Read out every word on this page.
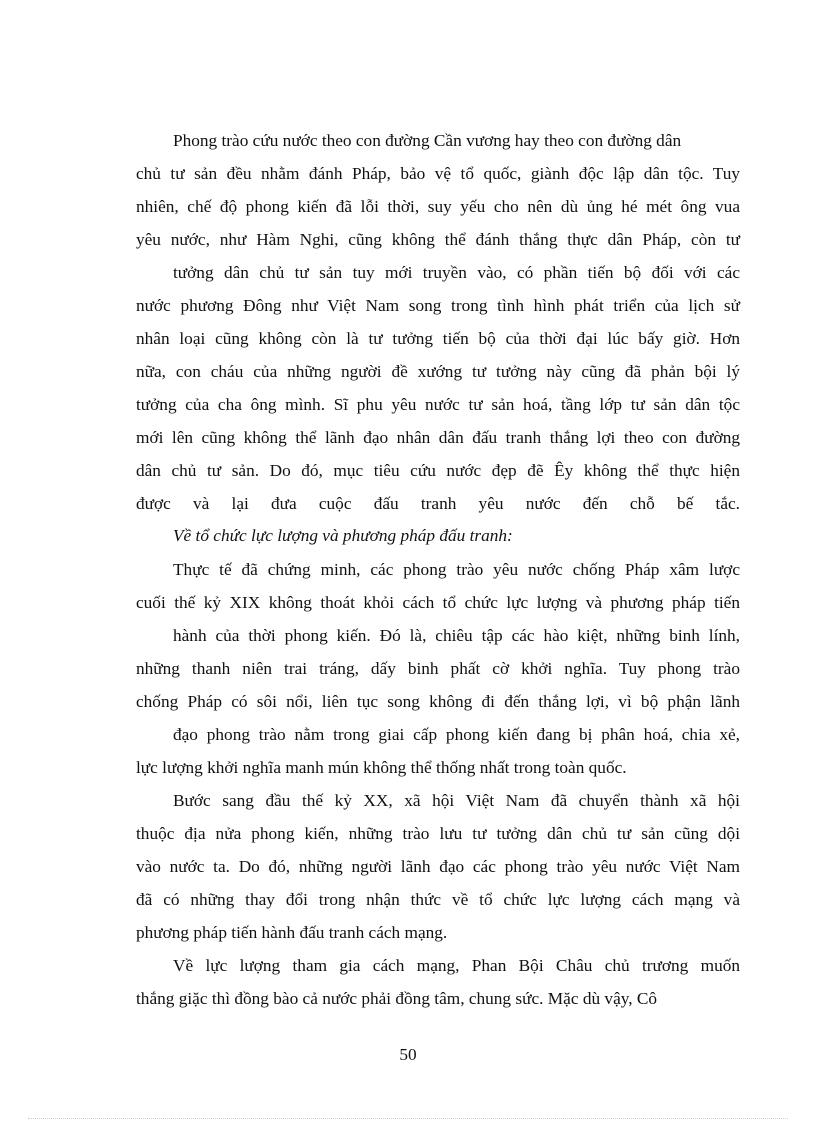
Phong trào cứu nước theo con đường Cần vương hay theo con đường dân
chủ tư sản đều nhằm đánh Pháp, bảo vệ tổ quốc, giành độc lập dân tộc. Tuy
nhiên, chế độ phong kiến đã lỗi thời, suy yếu cho nên dù ủng hé mét ông vua
yêu nước, như Hàm Nghi, cũng không thể đánh thắng thực dân Pháp, còn tư
tưởng dân chủ tư sản tuy mới truyền vào, có phần tiến bộ đối với các
nước phương Đông như Việt Nam song trong tình hình phát triển của lịch sử
nhân loại cũng không còn là tư tưởng tiến bộ của thời đại lúc bấy giờ. Hơn
nữa, con cháu của những người đề xướng tư tưởng này cũng đã phản bội lý
tưởng của cha ông mình. Sĩ phu yêu nước tư sản hoá, tầng lớp tư sản dân tộc
mới lên cũng không thể lãnh đạo nhân dân đấu tranh thắng lợi theo con đường
dân chủ tư sản. Do đó, mục tiêu cứu nước đẹp đẽ Êy không thể thực hiện
được và lại đưa cuộc đấu tranh yêu nước đến chỗ bế tắc.
Về tổ chức lực lượng và phương pháp đấu tranh:
Thực tế đã chứng minh, các phong trào yêu nước chống Pháp xâm lược
cuối thế kỷ XIX không thoát khỏi cách tổ chức lực lượng và phương pháp tiến
hành của thời phong kiến. Đó là, chiêu tập các hào kiệt, những binh lính,
những thanh niên trai tráng, dấy binh phất cờ khởi nghĩa. Tuy phong trào
chống Pháp có sôi nổi, liên tục song không đi đến thắng lợi, vì bộ phận lãnh
đạo phong trào nằm trong giai cấp phong kiến đang bị phân hoá, chia xẻ,
lực lượng khởi nghĩa manh mún không thể thống nhất trong toàn quốc.
Bước sang đầu thế kỷ XX, xã hội Việt Nam đã chuyển thành xã hội
thuộc địa nửa phong kiến, những trào lưu tư tưởng dân chủ tư sản cũng dội
vào nước ta. Do đó, những người lãnh đạo các phong trào yêu nước Việt Nam
đã có những thay đổi trong nhận thức về tổ chức lực lượng cách mạng và
phương pháp tiến hành đấu tranh cách mạng.
Về lực lượng tham gia cách mạng, Phan Bội Châu chủ trương muốn
thắng giặc thì đồng bào cả nước phải đồng tâm, chung sức. Mặc dù vậy, Cô
50
